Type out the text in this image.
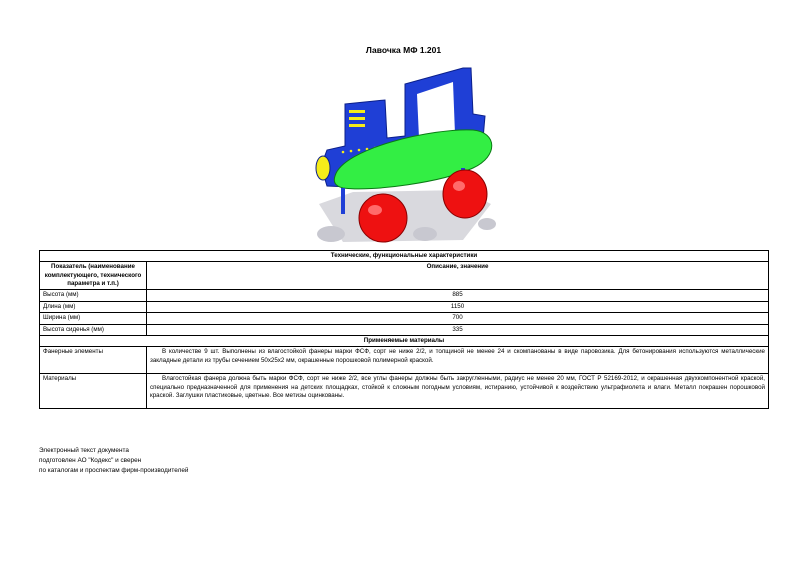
Лавочка МФ 1.201
Технические, функциональные характеристики	
Показатель (наименование комплектующего, технического параметра и т.п.)	Описание, значение
Высота (мм)	885
Длина (мм)	1150
Ширина (мм)	700
Высота сиденья (мм)	335
Применяемые материалы	
Фанерные элементы	В количестве 9 шт. Выполнены из влагостойкой фанеры марки ФСФ, сорт не ниже 2/2, и толщиной не менее 24 и скомпанованы в виде паровозика. Для бетонирования используются металлические закладные детали из трубы сечением 50х25х2 мм, окрашенные порошковой полимерной краской.
Материалы	Влагостойкая фанера должна быть марки ФСФ, сорт не ниже 2/2, все углы фанеры должны быть закругленными, радиус не менее 20 мм, ГОСТ Р 52169-2012, и окрашенная двухкомпонентной краской, специально предназначенной для применения на детских площадках, стойкой к сложным погодным условиям, истиранию, устойчивой к воздействию ультрафиолета и влаги. Металл покрашен порошковой краской. Заглушки пластиковые, цветные. Все метизы оцинкованы.
Электронный текст документа
подготовлен АО "Кодекс" и сверен
по каталогам и проспектам фирм-производителей
